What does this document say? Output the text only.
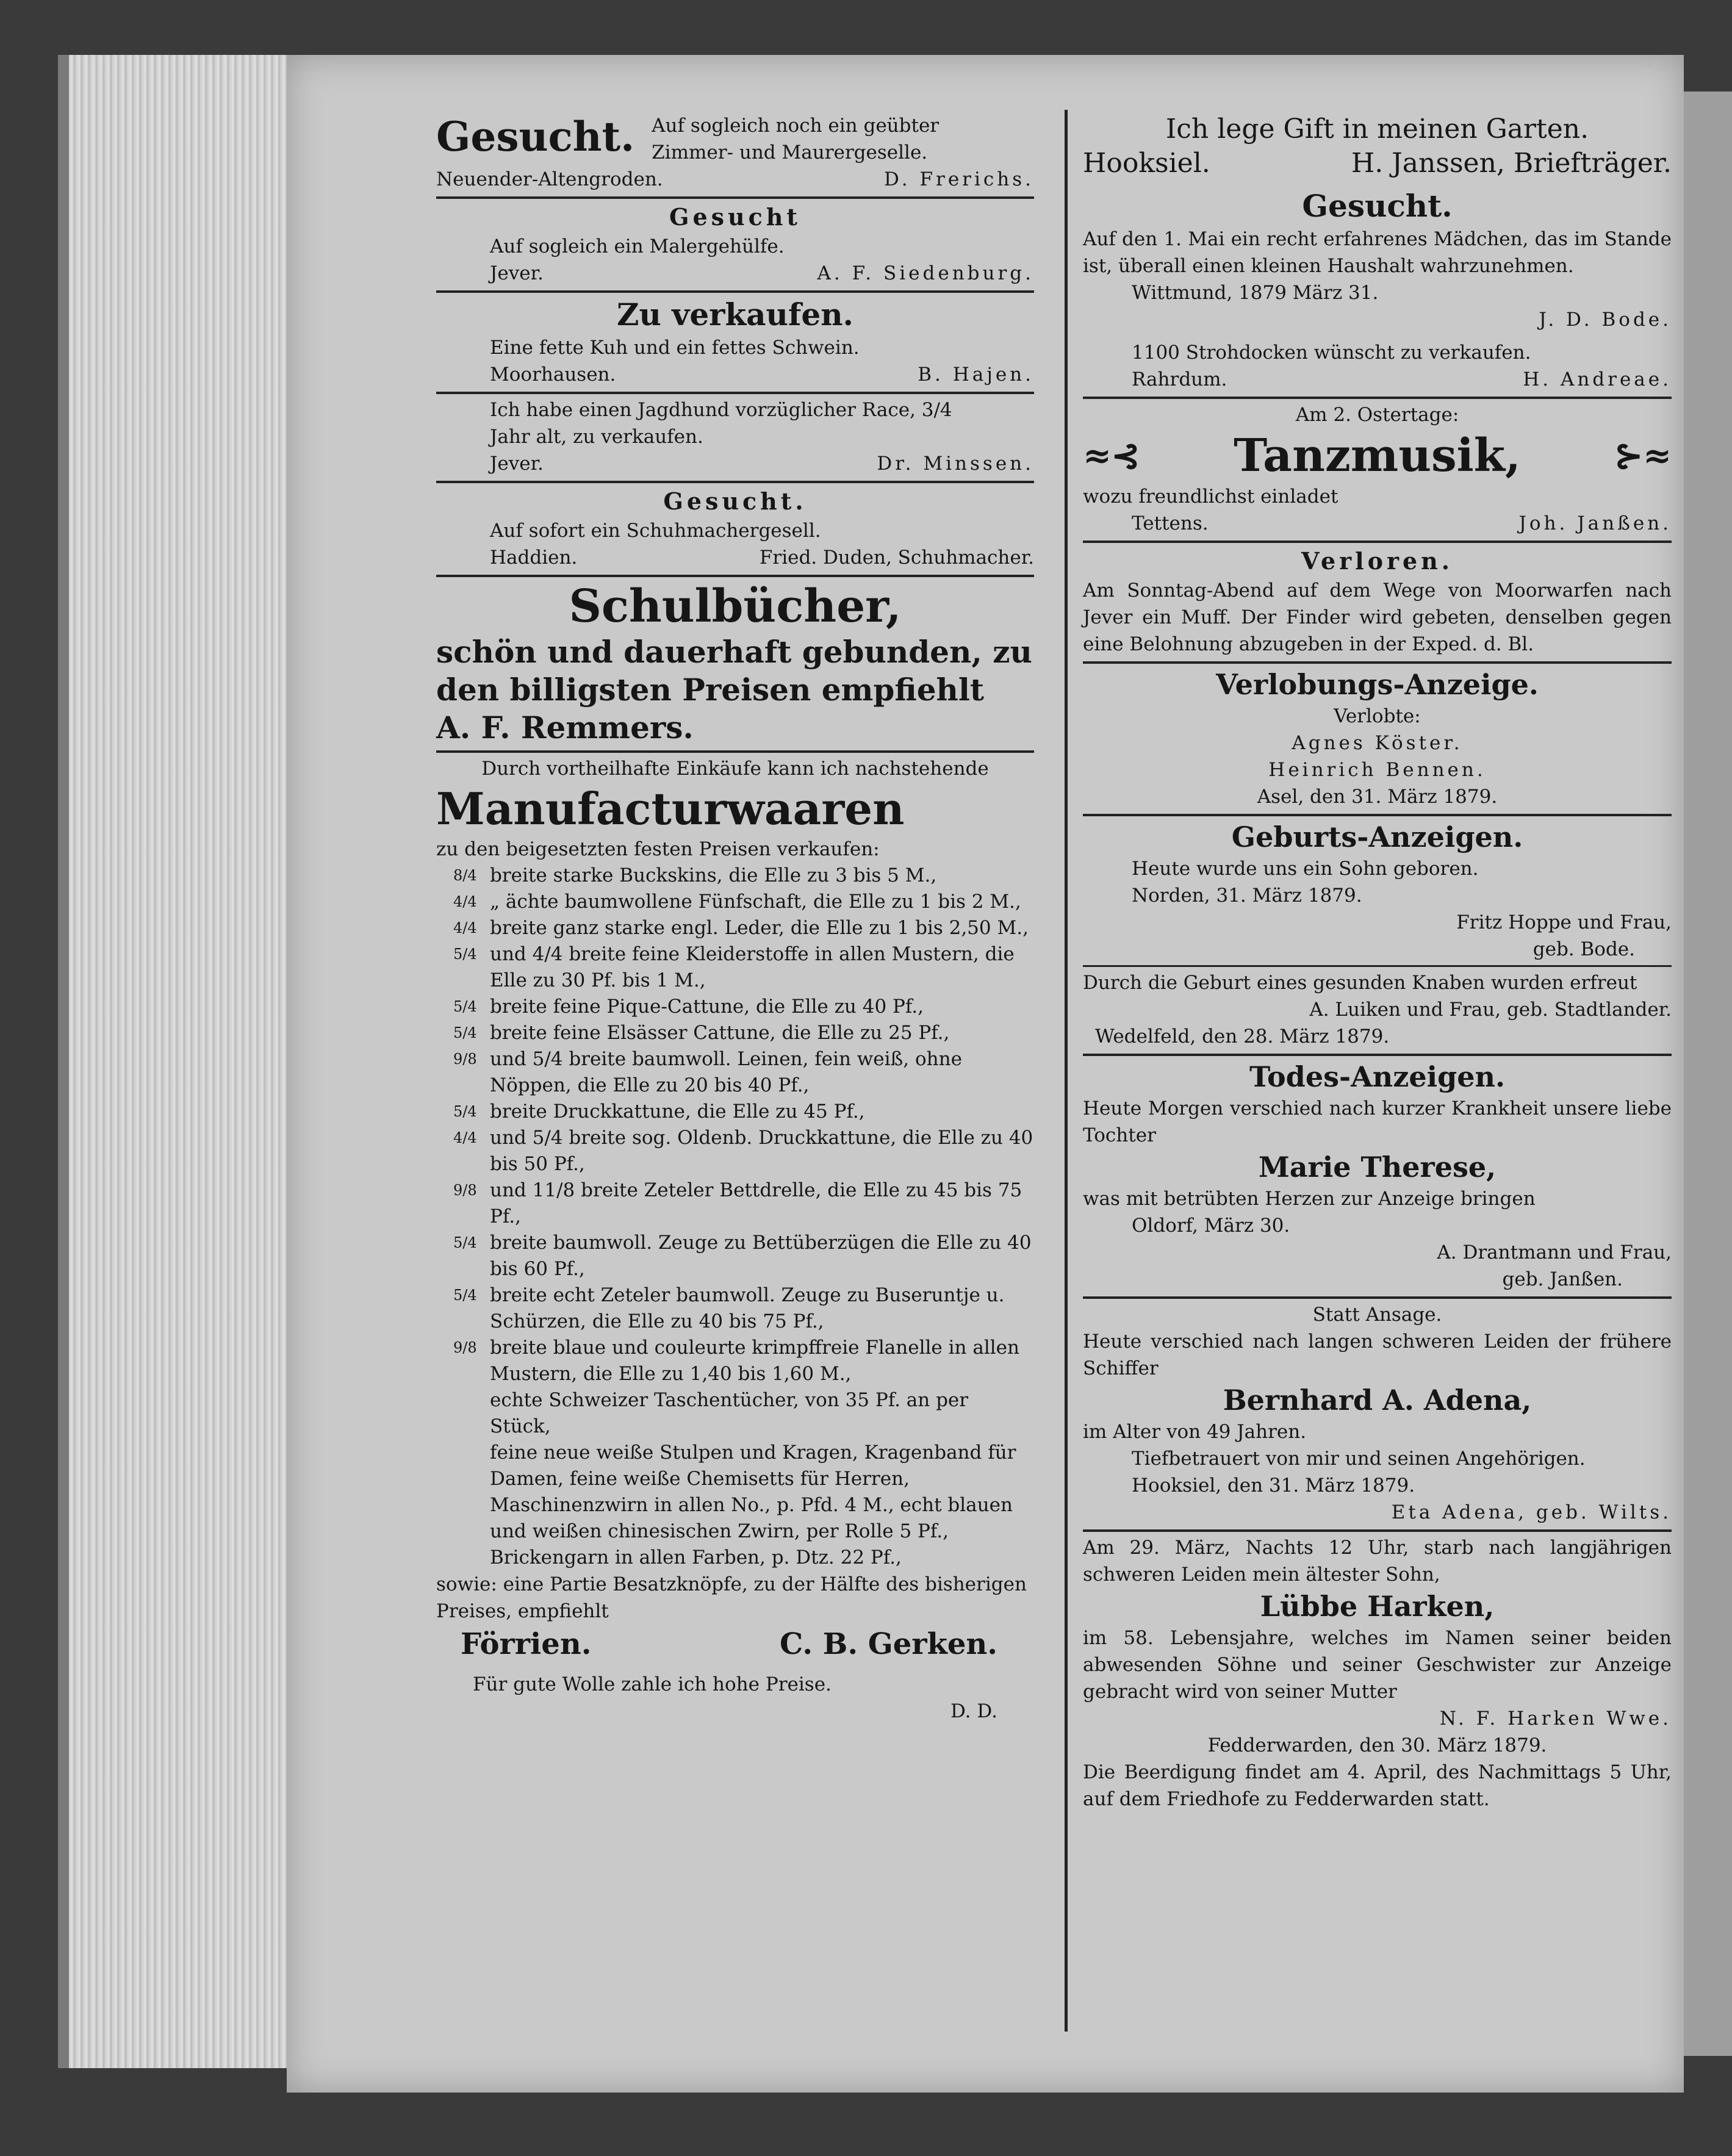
Gesucht. Auf sogleich noch ein geübter
Zimmer- und Maurergeselle.
Neuender-Altengroden.	D. Frerichs.
Gesucht
Auf sogleich ein Malergehülfe.
Jever.	A. F. Siedenburg.
Zu verkaufen.
Eine fette Kuh und ein fettes Schwein.
Moorhausen.	B. Hajen.
Ich habe einen Jagdhund vorzüglicher Race, 3/4
Jahr alt, zu verkaufen.
Jever.	Dr. Minssen.
Gesucht.
Auf sofort ein Schuhmachergesell.
Haddien.	Fried. Duden, Schuhmacher.
Schulbücher,
schön und dauerhaft gebunden, zu
den billigsten Preisen empfiehlt
A. F. Remmers.
Durch vortheilhafte Einkäufe kann ich nachstehende
Manufacturwaaren
zu den beigesetzten festen Preisen verkaufen:
8/4 breite starke Buckskins, die Elle zu 3 bis 5 M.,
4/4 „ ächte baumwollene Fünfschaft, die Elle zu 1 bis 2 M.,
4/4 breite ganz starke engl. Leder, die Elle zu 1 bis 2,50 M.,
5/4 und 4/4 breite feine Kleiderstoffe in allen Mustern, die Elle zu 30 Pf. bis 1 M.,
5/4 breite feine Pique-Cattune, die Elle zu 40 Pf.,
5/4 breite feine Elsässer Cattune, die Elle zu 25 Pf.,
9/8 und 5/4 breite baumwoll. Leinen, fein weiß, ohne Nöppen, die Elle zu 20 bis 40 Pf.,
5/4 breite Druckkattune, die Elle zu 45 Pf.,
4/4 und 5/4 breite sog. Oldenb. Druckkattune, die Elle zu 40 bis 50 Pf.,
9/8 und 11/8 breite Zeteler Bettdrelle, die Elle zu 45 bis 75 Pf.,
5/4 breite baumwoll. Zeuge zu Bettüberzügen die Elle zu 40 bis 60 Pf.,
5/4 breite echt Zeteler baumwoll. Zeuge zu Buseruntje u. Schürzen, die Elle zu 40 bis 75 Pf.,
9/8 breite blaue und couleurte krimpffreie Flanelle in allen Mustern, die Elle zu 1,40 bis 1,60 M.,
echte Schweizer Taschentücher, von 35 Pf. an per Stück,
feine neue weiße Stulpen und Kragen, Kragenband für Damen, feine weiße Chemisetts für Herren,
Maschinenzwirn in allen No., p. Pfd. 4 M., echt blauen und weißen chinesischen Zwirn, per Rolle 5 Pf.,
Brickengarn in allen Farben, p. Dtz. 22 Pf.,
sowie: eine Partie Besatzknöpfe, zu der Hälfte des bisherigen Preises, empfiehlt
Förrien.	C. B. Gerken.
Für gute Wolle zahle ich hohe Preise.
D. D.
Ich lege Gift in meinen Garten.
Hooksiel.	H. Janssen, Briefträger.
Gesucht.
Auf den 1. Mai ein recht erfahrenes Mädchen, das im Stande ist, überall einen kleinen Haushalt wahrzunehmen.
Wittmund, 1879 März 31.
J. D. Bode.
1100 Strohdocken wünscht zu verkaufen.
Rahrdum.	H. Andreae.
Am 2. Ostertage:
≈⊰ Tanzmusik,	⊱≈
wozu freundlichst einladet
Tettens.	Joh. Janßen.
Verloren.
Am Sonntag-Abend auf dem Wege von Moorwarfen nach Jever ein Muff. Der Finder wird gebeten, denselben gegen eine Belohnung abzugeben in der Exped. d. Bl.
Verlobungs-Anzeige.
Verlobte:
Agnes Köster.
Heinrich Bennen.
Asel, den 31. März 1879.
Geburts-Anzeigen.
Heute wurde uns ein Sohn geboren.
Norden, 31. März 1879.
Fritz Hoppe und Frau,
geb. Bode.
Durch die Geburt eines gesunden Knaben wurden erfreut
A. Luiken und Frau, geb. Stadtlander.
Wedelfeld, den 28. März 1879.
Todes-Anzeigen.
Heute Morgen verschied nach kurzer Krankheit unsere liebe Tochter
Marie Therese,
was mit betrübten Herzen zur Anzeige bringen
Oldorf, März 30.
A. Drantmann und Frau,
geb. Janßen.
Statt Ansage.
Heute verschied nach langen schweren Leiden der frühere Schiffer
Bernhard A. Adena,
im Alter von 49 Jahren.
Tiefbetrauert von mir und seinen Angehörigen.
Hooksiel, den 31. März 1879.
Eta Adena, geb. Wilts.
Am 29. März, Nachts 12 Uhr, starb nach langjährigen schweren Leiden mein ältester Sohn,
Lübbe Harken,
im 58. Lebensjahre, welches im Namen seiner beiden abwesenden Söhne und seiner Geschwister zur Anzeige gebracht wird von seiner Mutter
N. F. Harken Wwe.
Fedderwarden, den 30. März 1879.
Die Beerdigung findet am 4. April, des Nachmittags 5 Uhr, auf dem Friedhofe zu Fedderwarden statt.
